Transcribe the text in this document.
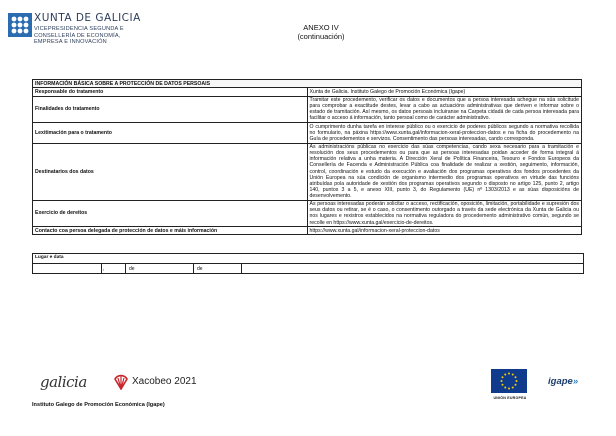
XUNTA DE GALICIA
VICEPRESIDENCIA SEGUNDA E
CONSELLERÍA DE ECONOMÍA,
EMPRESA E INNOVACIÓN
ANEXO IV
(continuación)
INFORMACIÓN BÁSICA SOBRE A PROTECCIÓN DE DATOS PERSOAIS	
Responsable do tratamento	Xunta de Galicia. Instituto Galego de Promoción Económica (Igape)
Finalidades do tratamento	Tramitar este procedemento, verificar os datos e documentos que a persoa interesada achegue na súa solicitude para comprobar a exactitude destes, levar a cabo as actuacións administrativas que deriven e informar sobre o estado de tramitación. Así mesmo, os datos persoais incluiranse na Carpeta cidadá de cada persoa interesada para facilitar o acceso á información, tanto persoal como de carácter administrativo.
Lexitimación para o tratamento	O cumprimento dunha tarefa en interese público ou o exercicio de poderes públicos segundo a normativa recollida no formulario, na páxina https://www.xunta.gal/informacion-xeral-proteccion-datos e na ficha do procedemento na Guía de procedementos e servizos. Consentimento das persoas interesadas, cando corresponda.
Destinatarios dos datos	As administracións públicas no exercicio das súas competencias, cando sexa necesario para a tramitación e resolución dos seus procedementos ou para que as persoas interesadas poidan acceder de forma integral á información relativa a unha materia. A Dirección Xeral de Política Financeira, Tesouro e Fondos Europeos da Consellería de Facenda e Administración Pública coa finalidade de realizar a xestión, seguimento, información, control, coordinación e estudo da execución e avaliación dos programas operativos dos fondos procedentes da Unión Europea na súa condición de organismo intermedio dos programas operativos en virtude das funcións atribuídas pola autoridade de xestión dos programas operativos segundo o disposto no artigo 125, punto 2, artigo 140, puntos 3 a 5, e anexo XIII, punto 3, do Regulamento (UE) nº 1303/2013 e as súas disposicións de desenvolvemento.
Exercicio de dereitos	As persoas interesadas poderán solicitar o acceso, rectificación, oposición, limitación, portabilidade e supresión dos seus datos ou retirar, se é o caso, o consentimento outorgado a través da sede electrónica da Xunta de Galicia ou nos lugares e rexistros establecidos na normativa reguladora do procedemento administrativo común, segundo se recolle en https://www.xunta.gal/exercicio-de-dereitos.
Contacto coa persoa delegada de protección de datos e máis información	https://www.xunta.gal/informacion-xeral-proteccion-datos
Lugar e data
,	de	de
galicia	Xacobeo 2021
UNIÓN EUROPEA
igape»
Instituto Galego de Promoción Económica (Igape)
